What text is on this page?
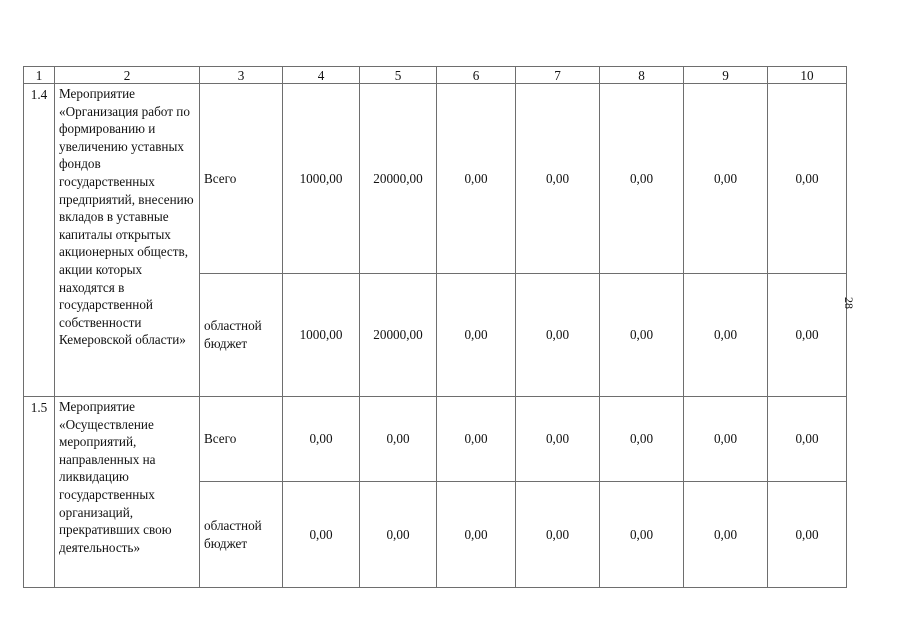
1	2	3	4	5	6	7	8	9	10
1.4	Мероприятие «Организация работ по формированию и увеличению уставных фондов государственных предприятий, внесению вкладов в уставные капиталы открытых акционерных обществ, акции которых находятся в государственной собственности Кемеровской области»	Всего	1000,00	20000,00	0,00	0,00	0,00	0,00	0,00
		областной бюджет	1000,00	20000,00	0,00	0,00	0,00	0,00	0,00
1.5	Мероприятие «Осуществление мероприятий, направленных на ликвидацию государственных организаций, прекративших свою деятельность»	Всего	0,00	0,00	0,00	0,00	0,00	0,00	0,00
		областной бюджет	0,00	0,00	0,00	0,00	0,00	0,00	0,00
28
